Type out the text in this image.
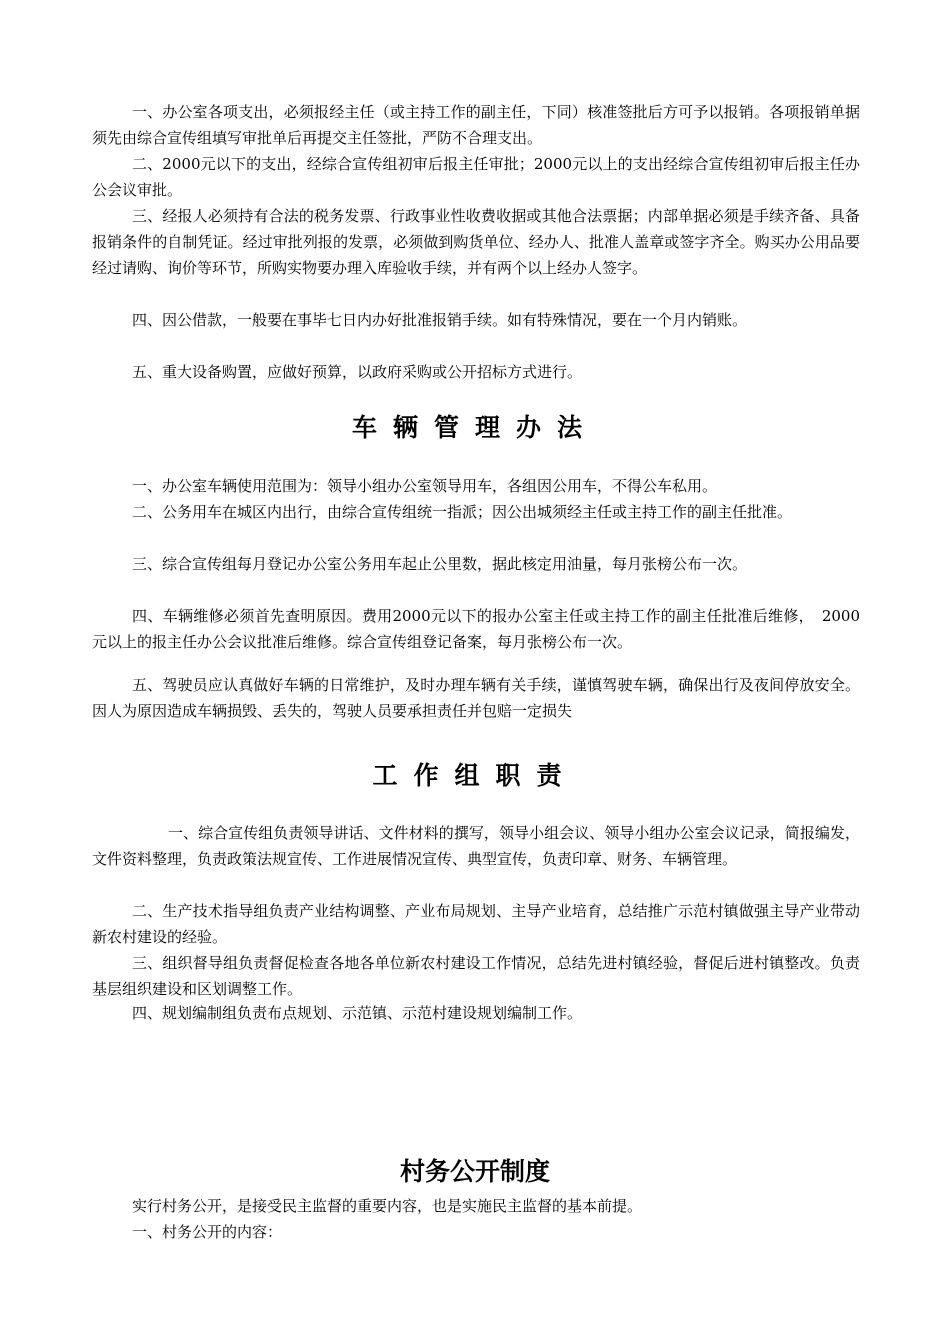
一、办公室各项支出，必须报经主任（或主持工作的副主任，下同）核准签批后方可予以报销。各项报销单据须先由综合宣传组填写审批单后再提交主任签批，严防不合理支出。

二、2000元以下的支出，经综合宣传组初审后报主任审批；2000元以上的支出经综合宣传组初审后报主任办公会议审批。

三、经报人必须持有合法的税务发票、行政事业性收费收据或其他合法票据；内部单据必须是手续齐备、具备报销条件的自制凭证。经过审批列报的发票，必须做到购货单位、经办人、批准人盖章或签字齐全。购买办公用品要经过请购、询价等环节，所购实物要办理入库验收手续，并有两个以上经办人签字。

四、因公借款，一般要在事毕七日内办好批准报销手续。如有特殊情况，要在一个月内销账。

五、重大设备购置，应做好预算，以政府采购或公开招标方式进行。

车辆管理办法

一、办公室车辆使用范围为：领导小组办公室领导用车，各组因公用车，不得公车私用。

二、公务用车在城区内出行，由综合宣传组统一指派；因公出城须经主任或主持工作的副主任批准。

三、综合宣传组每月登记办公室公务用车起止公里数，据此核定用油量，每月张榜公布一次。

四、车辆维修必须首先查明原因。费用2000元以下的报办公室主任或主持工作的副主任批准后维修，　2000元以上的报主任办公会议批准后维修。综合宣传组登记备案，每月张榜公布一次。

五、驾驶员应认真做好车辆的日常维护，及时办理车辆有关手续，谨慎驾驶车辆，确保出行及夜间停放安全。因人为原因造成车辆损毁、丢失的，驾驶人员要承担责任并包赔一定损失

工作组职责

一、综合宣传组负责领导讲话、文件材料的撰写，领导小组会议、领导小组办公室会议记录，简报编发，文件资料整理，负责政策法规宣传、工作进展情况宣传、典型宣传，负责印章、财务、车辆管理。

二、生产技术指导组负责产业结构调整、产业布局规划、主导产业培育，总结推广示范村镇做强主导产业带动新农村建设的经验。

三、组织督导组负责督促检查各地各单位新农村建设工作情况，总结先进村镇经验，督促后进村镇整改。负责基层组织建设和区划调整工作。

四、规划编制组负责布点规划、示范镇、示范村建设规划编制工作。

村务公开制度

实行村务公开，是接受民主监督的重要内容，也是实施民主监督的基本前提。

一、村务公开的内容：
